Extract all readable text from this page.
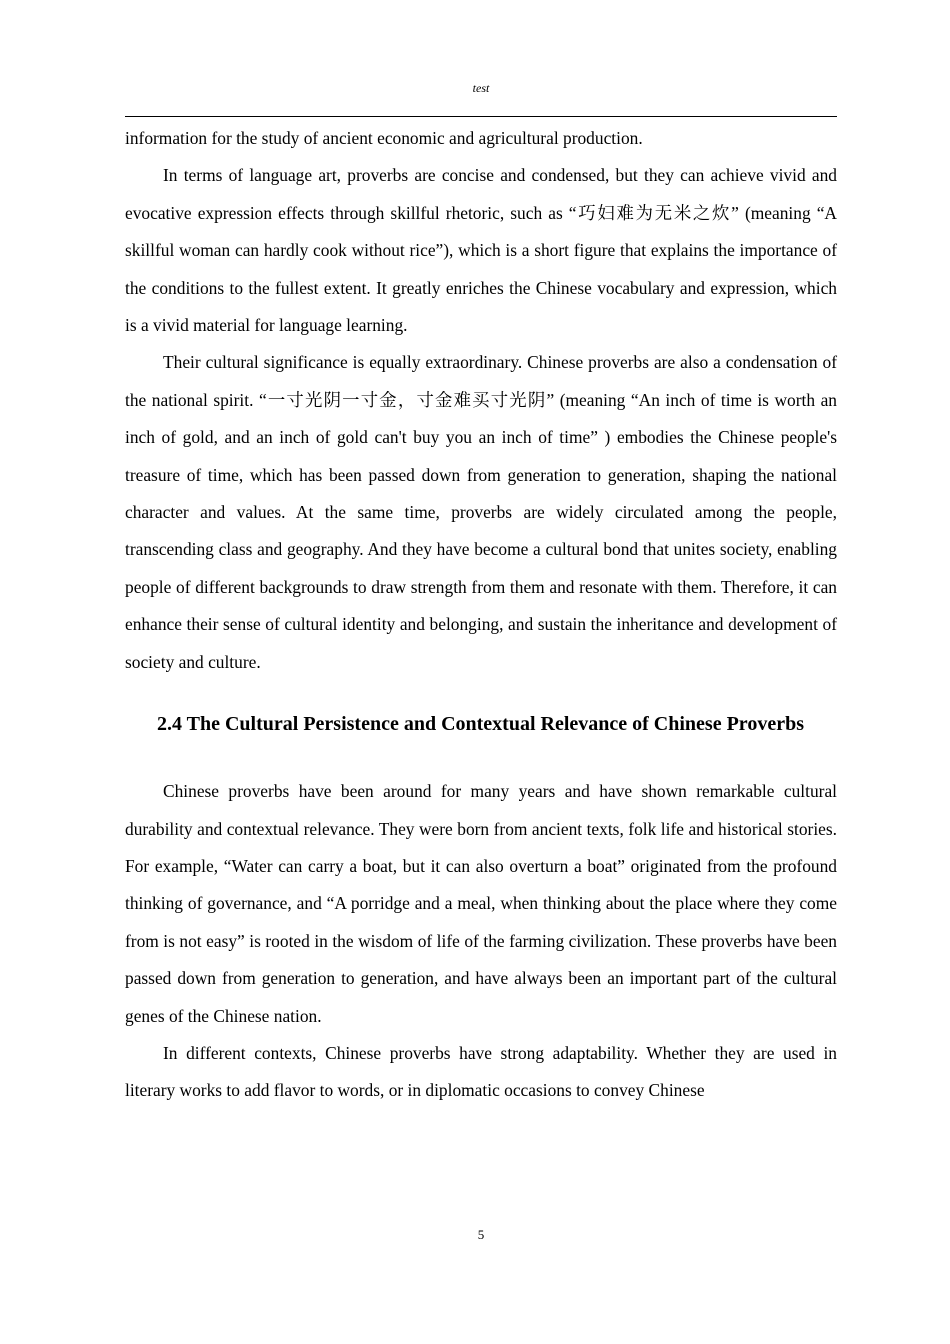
test

information for the study of ancient economic and agricultural production.

In terms of language art, proverbs are concise and condensed, but they can achieve vivid and evocative expression effects through skillful rhetoric, such as “巧妇难为无米之炊” (meaning “A skillful woman can hardly cook without rice”), which is a short figure that explains the importance of the conditions to the fullest extent. It greatly enriches the Chinese vocabulary and expression, which is a vivid material for language learning.

Their cultural significance is equally extraordinary. Chinese proverbs are also a condensation of the national spirit. “一寸光阴一寸金，寸金难买寸光阴” (meaning “An inch of time is worth an inch of gold, and an inch of gold can't buy you an inch of time” ) embodies the Chinese people's treasure of time, which has been passed down from generation to generation, shaping the national character and values. At the same time, proverbs are widely circulated among the people, transcending class and geography. And they have become a cultural bond that unites society, enabling people of different backgrounds to draw strength from them and resonate with them. Therefore, it can enhance their sense of cultural identity and belonging, and sustain the inheritance and development of society and culture.

2.4 The Cultural Persistence and Contextual Relevance of Chinese Proverbs

Chinese proverbs have been around for many years and have shown remarkable cultural durability and contextual relevance. They were born from ancient texts, folk life and historical stories. For example, “Water can carry a boat, but it can also overturn a boat” originated from the profound thinking of governance, and “A porridge and a meal, when thinking about the place where they come from is not easy” is rooted in the wisdom of life of the farming civilization. These proverbs have been passed down from generation to generation, and have always been an important part of the cultural genes of the Chinese nation.

In different contexts, Chinese proverbs have strong adaptability. Whether they are used in literary works to add flavor to words, or in diplomatic occasions to convey Chinese

5
